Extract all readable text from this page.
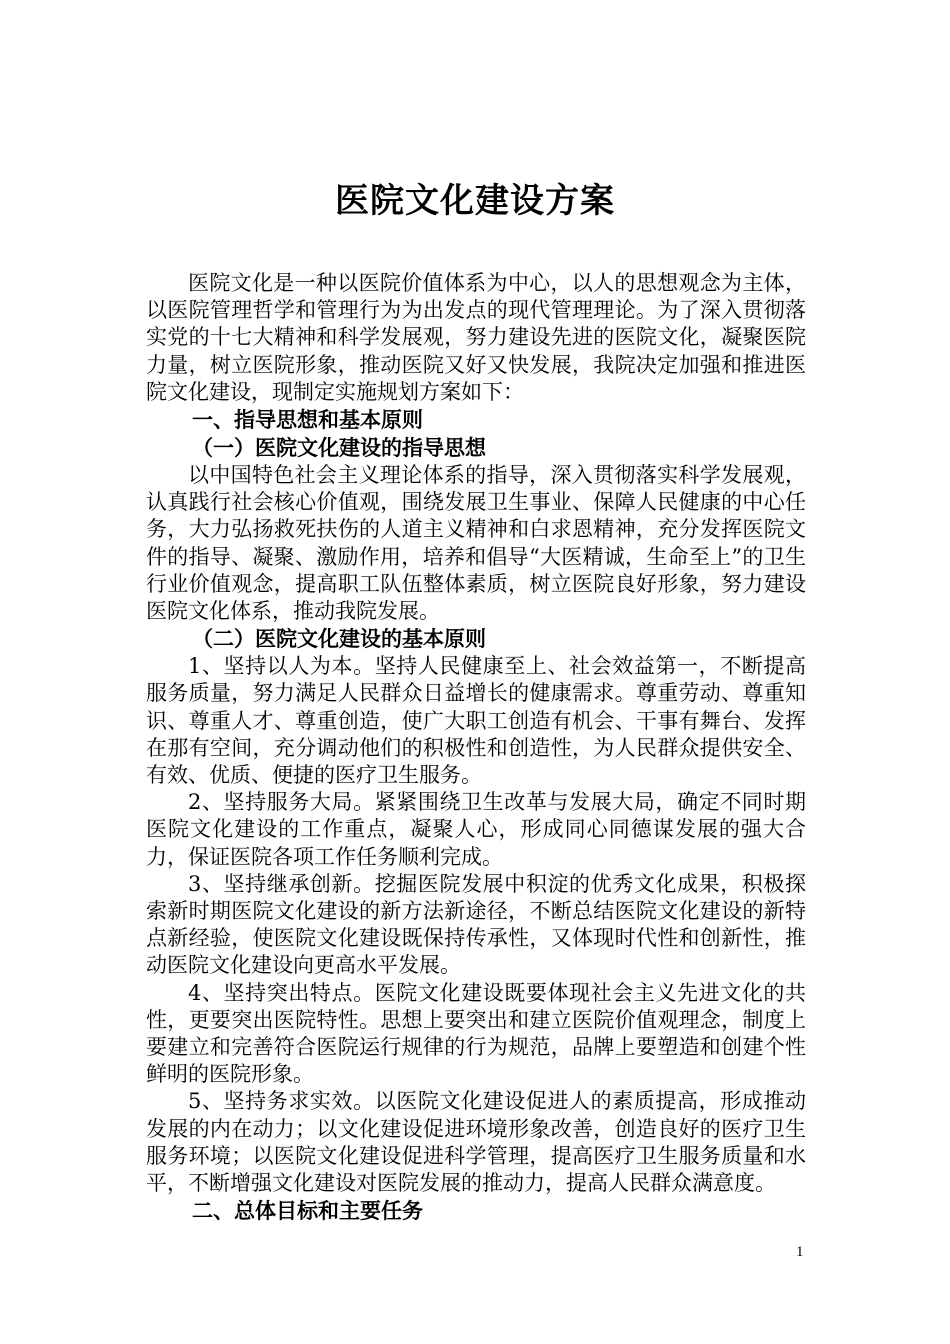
医院文化建设方案

医院文化是一种以医院价值体系为中心，以人的思想观念为主体，以医院管理哲学和管理行为为出发点的现代管理理论。为了深入贯彻落实党的十七大精神和科学发展观，努力建设先进的医院文化，凝聚医院力量，树立医院形象，推动医院又好又快发展，我院决定加强和推进医院文化建设，现制定实施规划方案如下：

一、指导思想和基本原则
（一）医院文化建设的指导思想

以中国特色社会主义理论体系的指导，深入贯彻落实科学发展观，认真践行社会核心价值观，围绕发展卫生事业、保障人民健康的中心任务，大力弘扬救死扶伤的人道主义精神和白求恩精神，充分发挥医院文件的指导、凝聚、激励作用，培养和倡导“大医精诚，生命至上”的卫生行业价值观念，提高职工队伍整体素质，树立医院良好形象，努力建设医院文化体系，推动我院发展。

（二）医院文化建设的基本原则

1、坚持以人为本。坚持人民健康至上、社会效益第一，不断提高服务质量，努力满足人民群众日益增长的健康需求。尊重劳动、尊重知识、尊重人才、尊重创造，使广大职工创造有机会、干事有舞台、发挥在那有空间，充分调动他们的积极性和创造性，为人民群众提供安全、有效、优质、便捷的医疗卫生服务。

2、坚持服务大局。紧紧围绕卫生改革与发展大局，确定不同时期医院文化建设的工作重点，凝聚人心，形成同心同德谋发展的强大合力，保证医院各项工作任务顺利完成。

3、坚持继承创新。挖掘医院发展中积淀的优秀文化成果，积极探索新时期医院文化建设的新方法新途径，不断总结医院文化建设的新特点新经验，使医院文化建设既保持传承性，又体现时代性和创新性，推动医院文化建设向更高水平发展。

4、坚持突出特点。医院文化建设既要体现社会主义先进文化的共性，更要突出医院特性。思想上要突出和建立医院价值观理念，制度上要建立和完善符合医院运行规律的行为规范，品牌上要塑造和创建个性鲜明的医院形象。

5、坚持务求实效。以医院文化建设促进人的素质提高，形成推动发展的内在动力；以文化建设促进环境形象改善，创造良好的医疗卫生服务环境；以医院文化建设促进科学管理，提高医疗卫生服务质量和水平，不断增强文化建设对医院发展的推动力，提高人民群众满意度。

二、总体目标和主要任务
1
